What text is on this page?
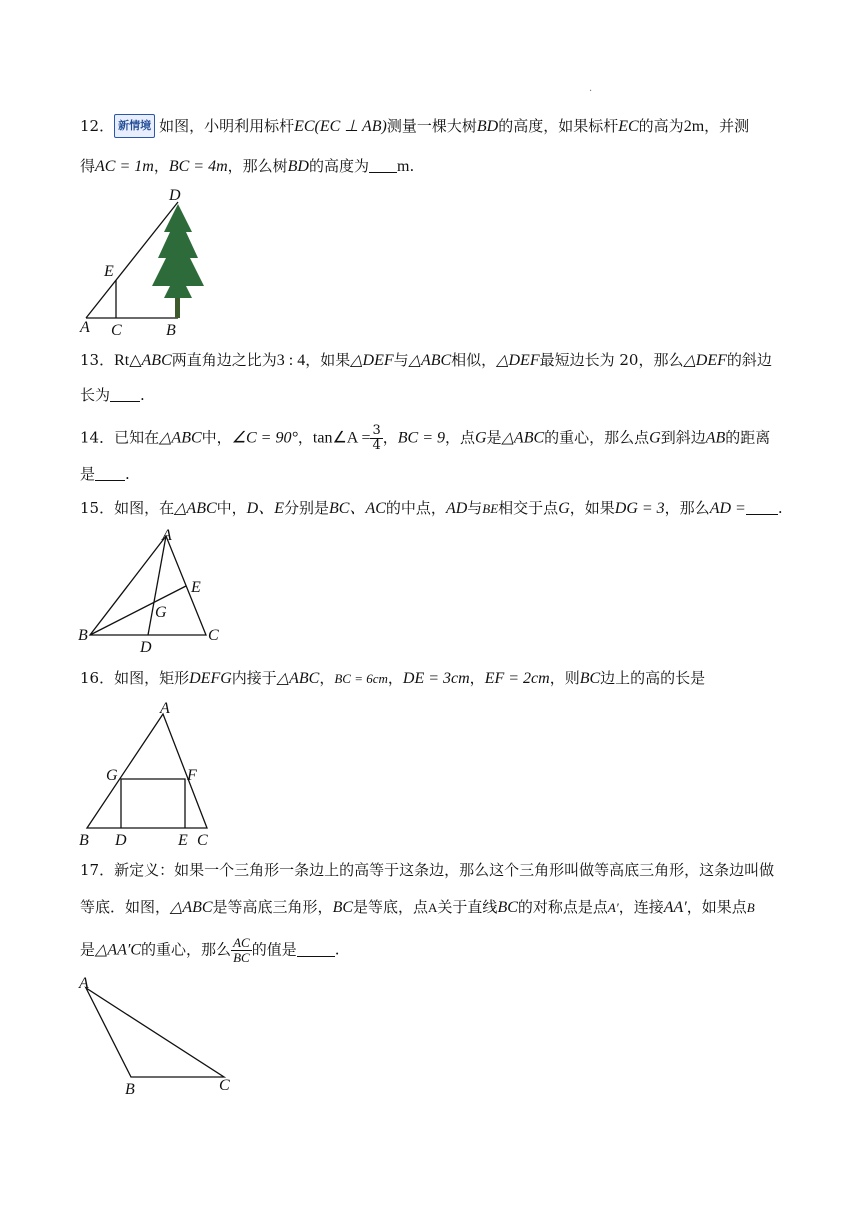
·
12． 新情境 如图，小明利用标杆EC(EC ⊥ AB)测量一棵大树BD的高度，如果标杆EC的高为2m，并测
得AC = 1m，BC = 4m，那么树BD的高度为 m.
D
E
A C	B
13．Rt△ABC两直角边之比为3 : 4，如果△DEF与△ABC相似，△DEF最短边长为 20，那么△DEF的斜边
长为 .
14．已知在△ABC中，∠C = 90°，tan∠A = $\frac{3}{4}$ ，BC = 9，点G是△ABC的重心，那么点G到斜边AB的距离
是 .
15．如图，在△ABC中，D、E分别是BC、AC的中点，AD与BE相交于点G，如果DG = 3，那么AD = .
A
E
G
B
D
C
16．如图，矩形DEFG内接于△ABC，BC = 6cm，DE = 3cm，EF = 2cm，则BC边上的高的长是
A
G	F
B D	E C
17．新定义：如果一个三角形一条边上的高等于这条边，那么这个三角形叫做等高底三角形，这条边叫做
等底．如图，△ABC是等高底三角形，BC是等底，点A关于直线BC的对称点是点A′，连接AA′，如果点B
是△AA′C的重心，那么 $\frac{AC}{BC}$ 的值是	.
A
B	C
